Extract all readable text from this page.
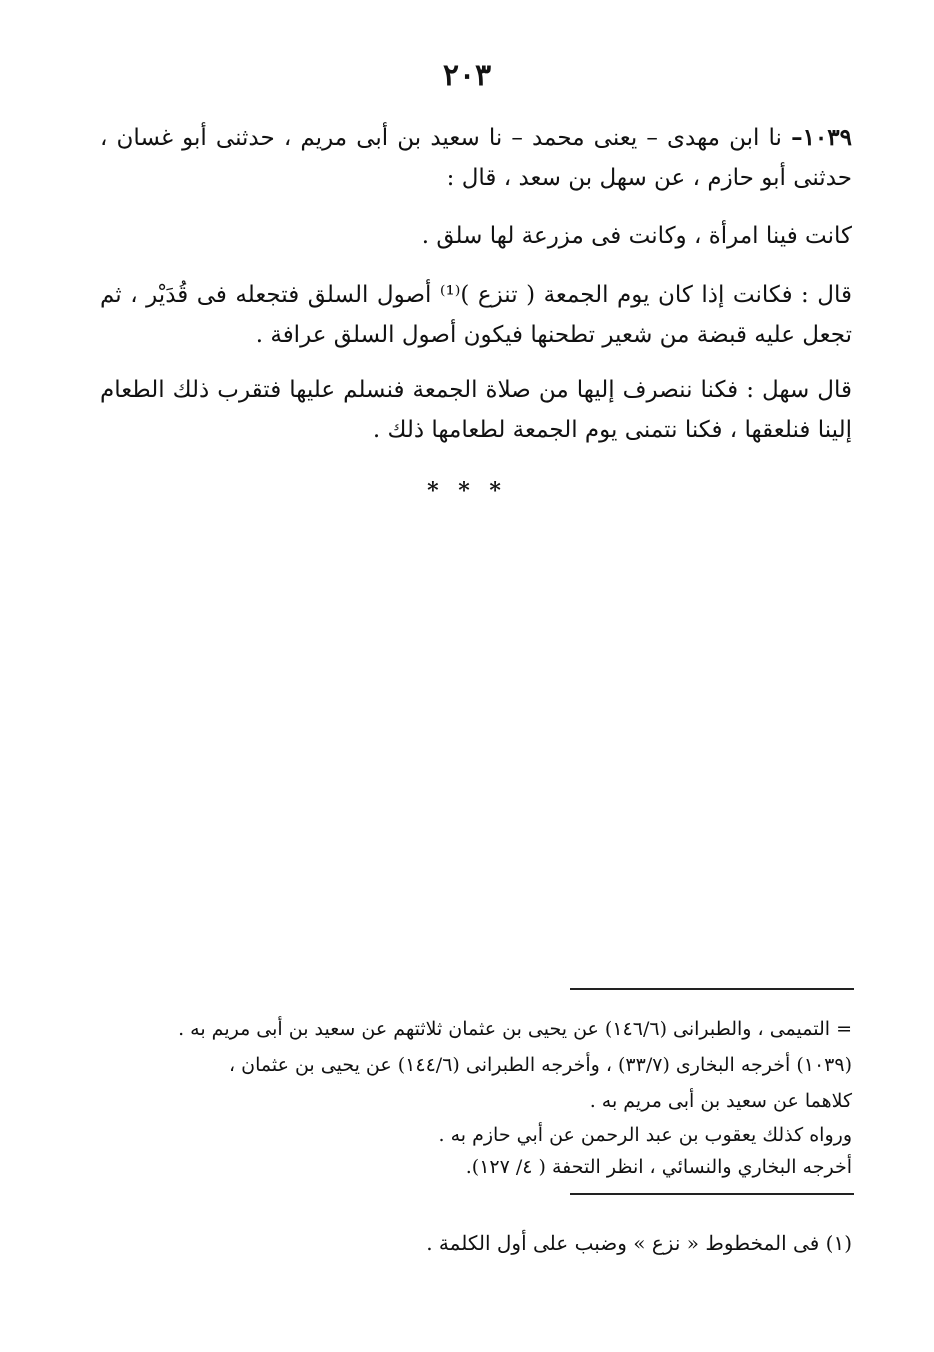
٢٠٣
١٠٣٩– نا ابن مهدى – يعنى محمد – نا سعيد بن أبى مريم ، حدثنى أبو غسان ، حدثنى أبو حازم ، عن سهل بن سعد ، قال :
كانت فينا امرأة ، وكانت فى مزرعة لها سلق .
قال : فكانت إذا كان يوم الجمعة ( تنزع )⁽¹⁾ أصول السلق فتجعله فى قُدَيْر ، ثم تجعل عليه قبضة من شعير تطحنها فيكون أصول السلق عرافة .
قال سهل : فكنا ننصرف إليها من صلاة الجمعة فنسلم عليها فتقرب ذلك الطعام إلينا فنلعقها ، فكنا نتمنى يوم الجمعة لطعامها ذلك .
* * *
= التميمى ، والطبرانى (١٤٦/٦) عن يحيى بن عثمان ثلاثتهم عن سعيد بن أبى مريم به .
(١٠٣٩) أخرجه البخارى (٣٣/٧) ، وأخرجه الطبرانى (١٤٤/٦) عن يحيى بن عثمان ،
كلاهما عن سعيد بن أبى مريم به .
ورواه كذلك يعقوب بن عبد الرحمن عن أبي حازم به .
أخرجه البخاري والنسائي ، انظر التحفة ( ٤/ ١٢٧).
(١) فى المخطوط « نزع » وضبب على أول الكلمة .
